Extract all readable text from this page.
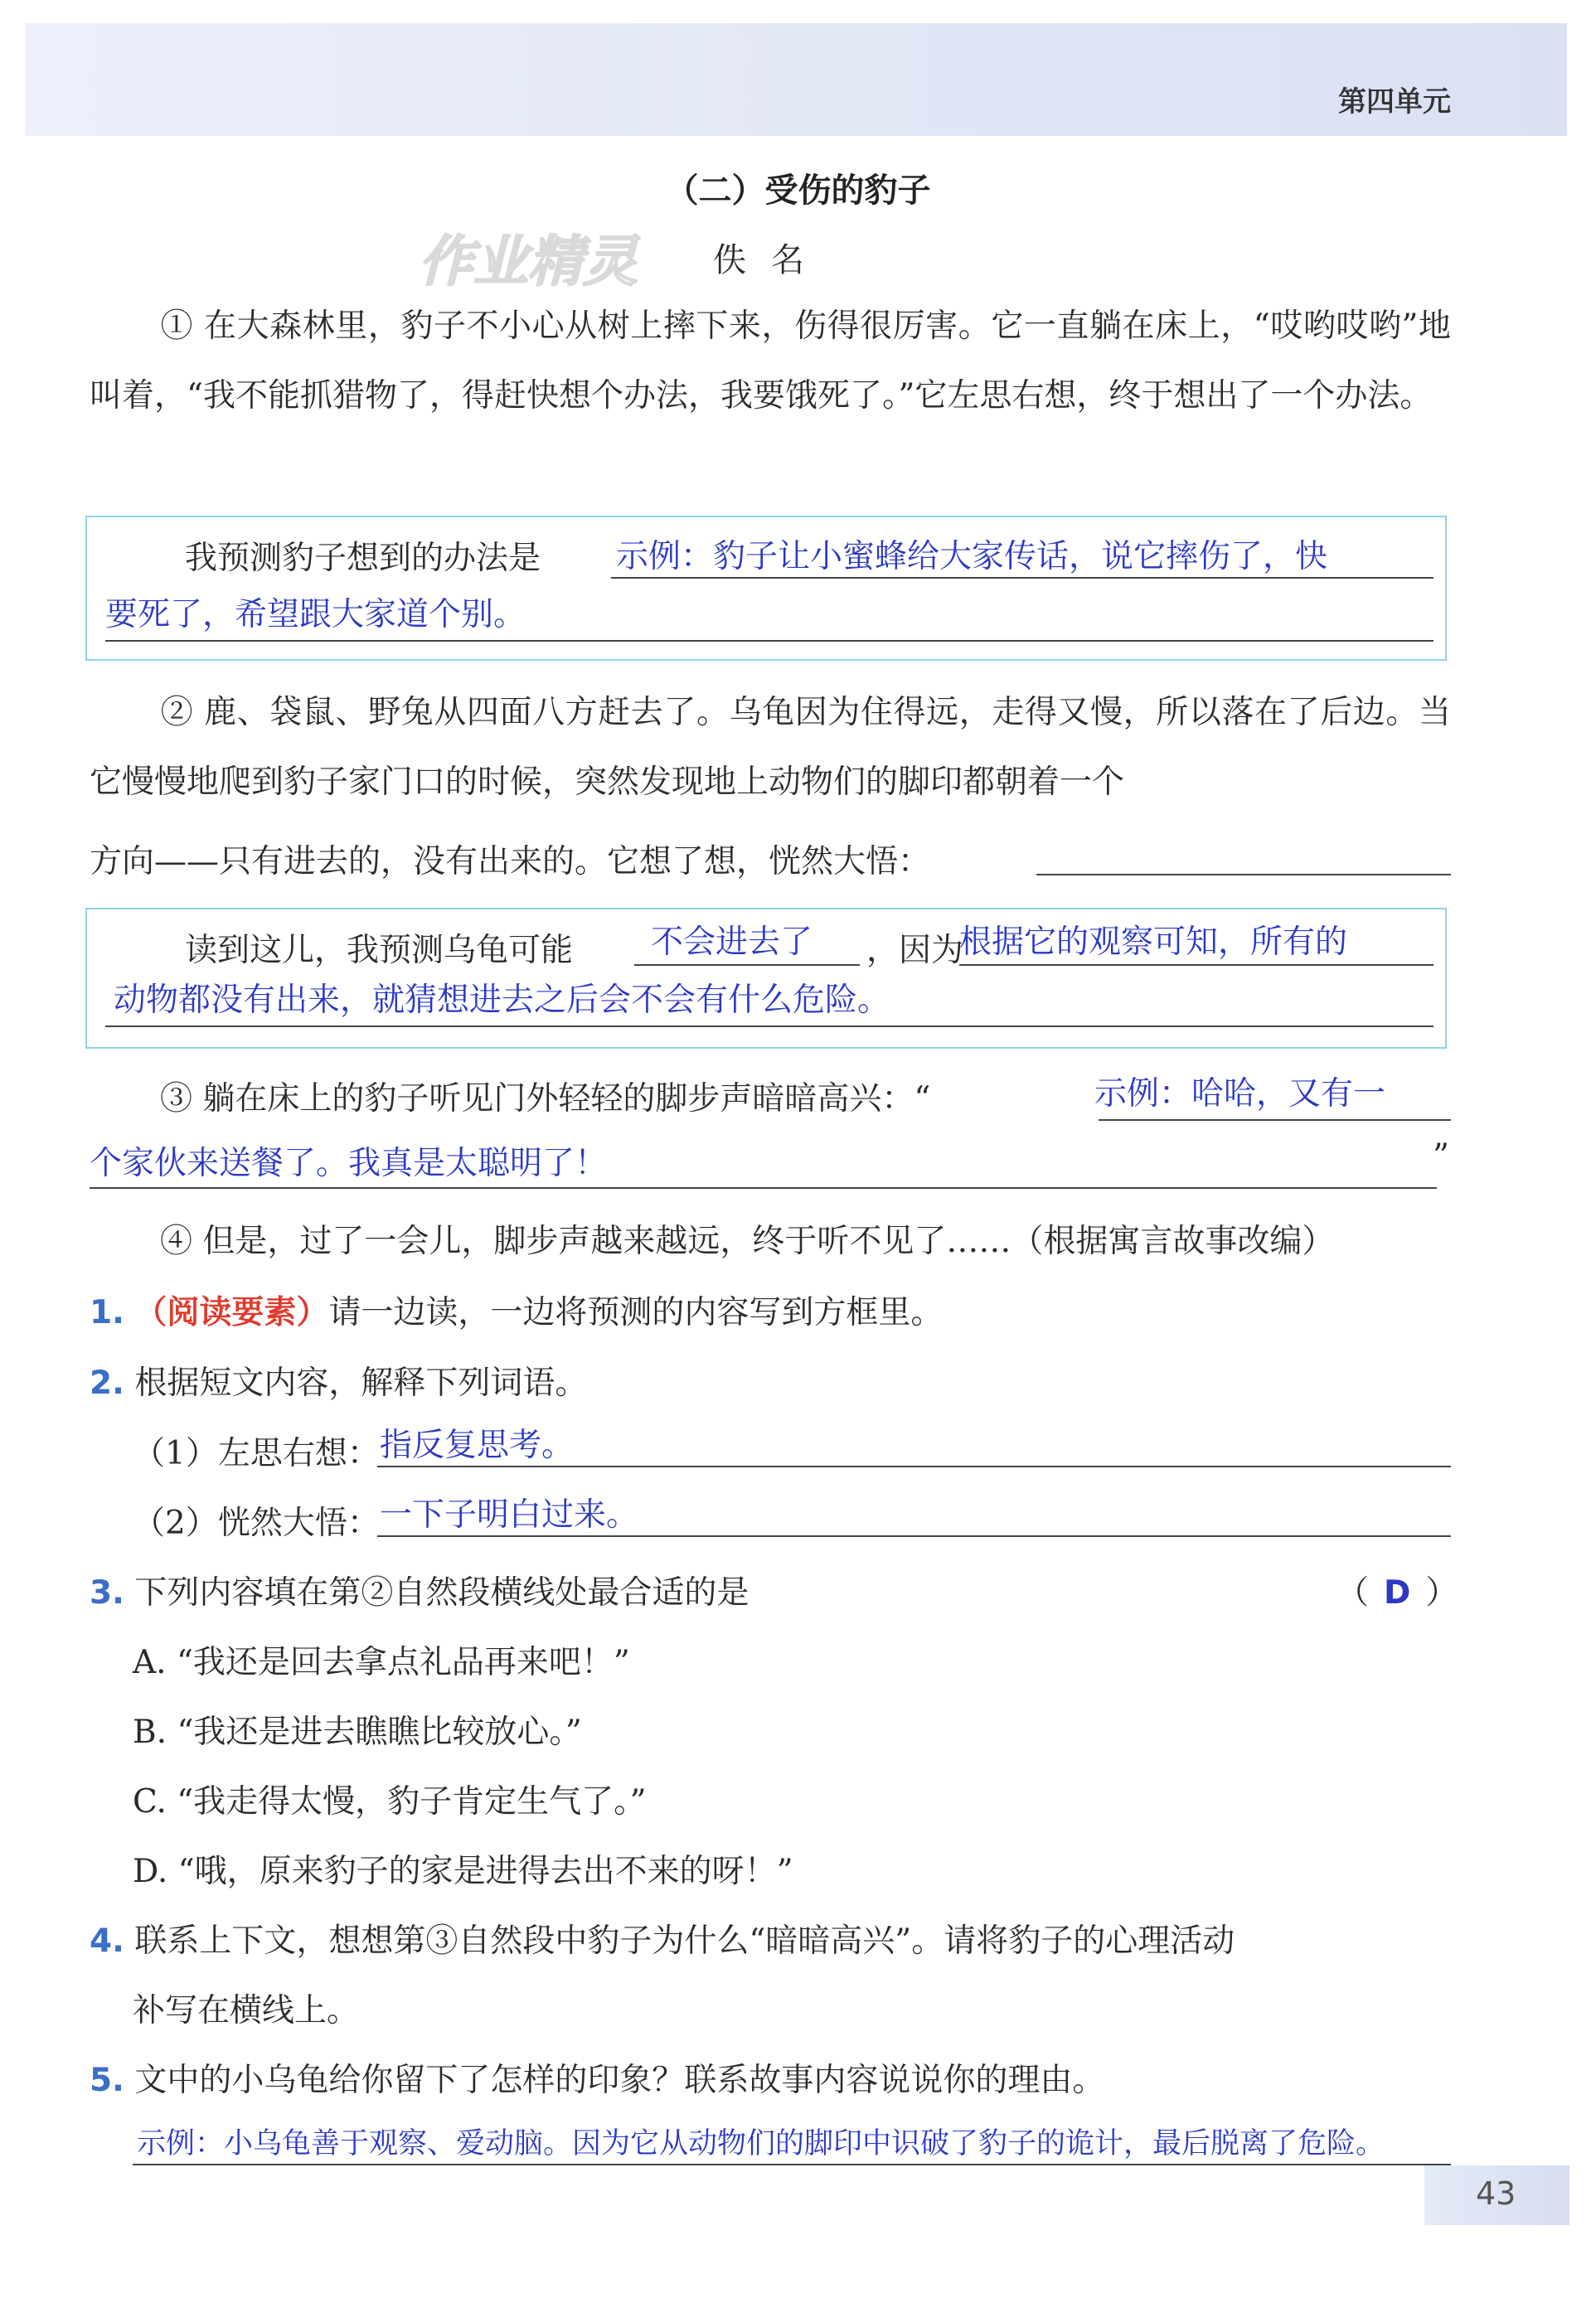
第四单元
（二）受伤的豹子
作业精灵 佚名
① 在大森林里，豹子不小心从树上摔下来，伤得很厉害。它一直躺在床上，“哎哟哎哟”地叫着，“我不能抓猎物了，得赶快想个办法，我要饿死了。”它左思右想，终于想出了一个办法。
我预测豹子想到的办法是 示例：豹子让小蜜蜂给大家传话，说它摔伤了，快
要死了，希望跟大家道个别。
② 鹿、袋鼠、野兔从四面八方赶去了。乌龟因为住得远，走得又慢，所以落在了后边。当它慢慢地爬到豹子家门口的时候，突然发现地上动物们的脚印都朝着一个
方向——只有进去的，没有出来的。它想了想，恍然大悟：
读到这儿，我预测乌龟可能 不会进去了 ，因为
根据它的观察可知，所有的
动物都没有出来，就猜想进去之后会不会有什么危险。
③ 躺在床上的豹子听见门外轻轻的脚步声暗暗高兴：“	示例：哈哈，又有一
个家伙来送餐了。我真是太聪明了！	”
④ 但是，过了一会儿，脚步声越来越远，终于听不见了……（根据寓言故事改编）
1. （阅读要素）请一边读，一边将预测的内容写到方框里。
2. 根据短文内容，解释下列词语。
（1）左思右想： 指反复思考。
（2）恍然大悟： 一下子明白过来。
3. 下列内容填在第②自然段横线处最合适的是	（ D ）
A. “我还是回去拿点礼品再来吧！”
B. “我还是进去瞧瞧比较放心。”
C. “我走得太慢，豹子肯定生气了。”
D. “哦，原来豹子的家是进得去出不来的呀！”
4. 联系上下文，想想第③自然段中豹子为什么“暗暗高兴”。请将豹子的心理活动
补写在横线上。
5. 文中的小乌龟给你留下了怎样的印象？联系故事内容说说你的理由。
示例：小乌龟善于观察、爱动脑。因为它从动物们的脚印中识破了豹子的诡计，最后脱离了危险。
43
